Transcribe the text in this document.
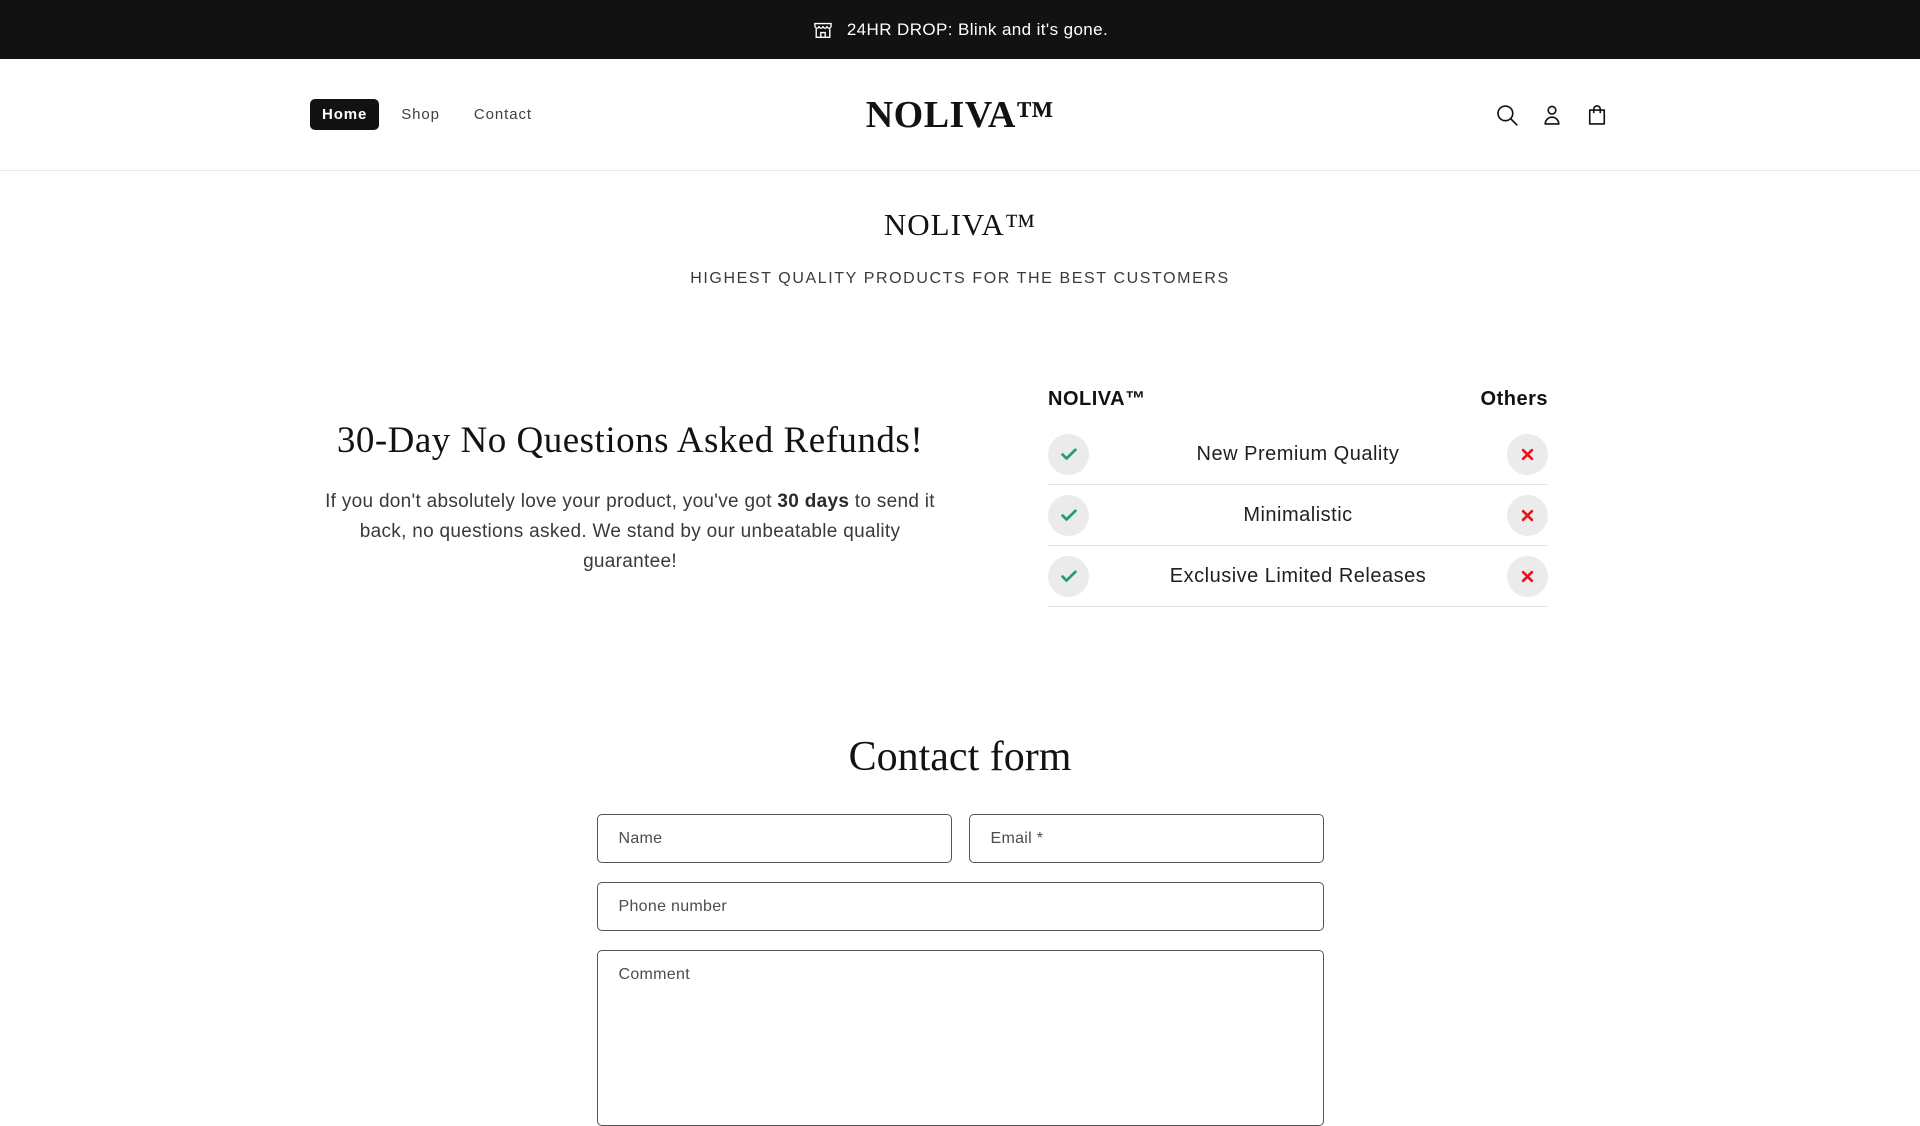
24HR DROP: Blink and it's gone.
Home	Shop	Contact	NOLIVA™
NOLIVA™

HIGHEST QUALITY PRODUCTS FOR THE BEST CUSTOMERS

30-Day No Questions Asked Refunds!

If you don't absolutely love your product, you've got 30 days to send it back, no questions asked. We stand by our unbeatable quality guarantee!

NOLIVA™	Others
New Premium Quality
Minimalistic
Exclusive Limited Releases
Contact form
Name
Email *
Phone number
Comment
